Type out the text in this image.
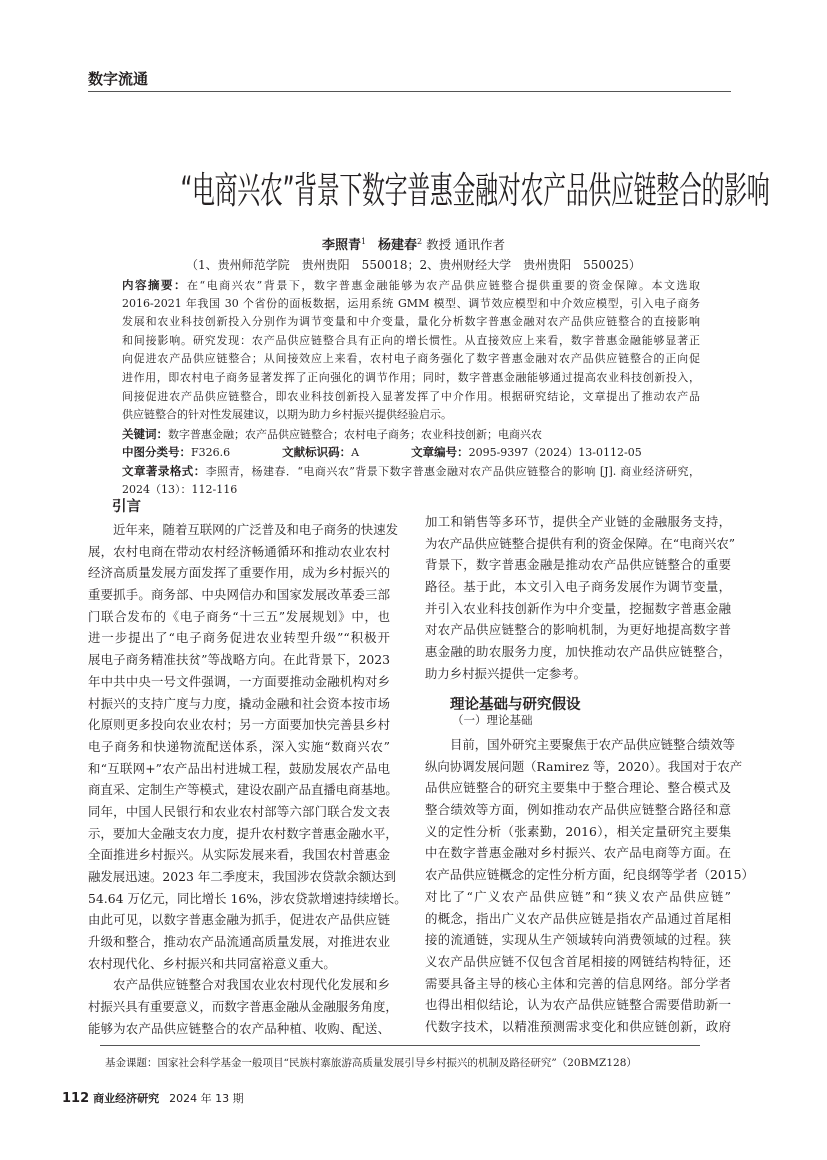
数字流通
“电商兴农”背景下数字普惠金融对农产品供应链整合的影响
李照青$^1$ 杨建春$^2$ 教授 通讯作者
（1、贵州师范学院　贵州贵阳　550018；2、贵州财经大学　贵州贵阳　550025）
内容摘要：在“电商兴农”背景下，数字普惠金融能够为农产品供应链整合提供重要的资金保障。本文选取
2016-2021 年我国 30 个省份的面板数据，运用系统 GMM 模型、调节效应模型和中介效应模型，引入电子商务
发展和农业科技创新投入分别作为调节变量和中介变量，量化分析数字普惠金融对农产品供应链整合的直接影响
和间接影响。研究发现：农产品供应链整合具有正向的增长惯性。从直接效应上来看，数字普惠金融能够显著正
向促进农产品供应链整合；从间接效应上来看，农村电子商务强化了数字普惠金融对农产品供应链整合的正向促
进作用，即农村电子商务显著发挥了正向强化的调节作用；同时，数字普惠金融能够通过提高农业科技创新投入，
间接促进农产品供应链整合，即农业科技创新投入显著发挥了中介作用。根据研究结论，文章提出了推动农产品
供应链整合的针对性发展建议，以期为助力乡村振兴提供经验启示。
关键词：数字普惠金融；农产品供应链整合；农村电子商务；农业科技创新；电商兴农
中图分类号：F326.6	文献标识码：A	文章编号：2095-9397（2024）13-0112-05
文章著录格式：李照青，杨建春．“电商兴农”背景下数字普惠金融对农产品供应链整合的影响 [J]. 商业经济研究，
2024（13）：112-116
引言
近年来，随着互联网的广泛普及和电子商务的快速发
展，农村电商在带动农村经济畅通循环和推动农业农村
经济高质量发展方面发挥了重要作用，成为乡村振兴的
重要抓手。商务部、中央网信办和国家发展改革委三部
门联合发布的《电子商务“十三五”发展规划》中，也
进一步提出了“电子商务促进农业转型升级”“积极开
展电子商务精准扶贫”等战略方向。在此背景下，2023
年中共中央一号文件强调，一方面要推动金融机构对乡
村振兴的支持广度与力度，撬动金融和社会资本按市场
化原则更多投向农业农村；另一方面要加快完善县乡村
电子商务和快递物流配送体系，深入实施“数商兴农”
和“互联网+”农产品出村进城工程，鼓励发展农产品电
商直采、定制生产等模式，建设农副产品直播电商基地。
同年，中国人民银行和农业农村部等六部门联合发文表
示，要加大金融支农力度，提升农村数字普惠金融水平，
全面推进乡村振兴。从实际发展来看，我国农村普惠金
融发展迅速。2023 年二季度末，我国涉农贷款余额达到
54.64 万亿元，同比增长 16%，涉农贷款增速持续增长。
由此可见，以数字普惠金融为抓手，促进农产品供应链
升级和整合，推动农产品流通高质量发展，对推进农业
农村现代化、乡村振兴和共同富裕意义重大。
农产品供应链整合对我国农业农村现代化发展和乡
村振兴具有重要意义，而数字普惠金融从金融服务角度，
能够为农产品供应链整合的农产品种植、收购、配送、
加工和销售等多环节，提供全产业链的金融服务支持，
为农产品供应链整合提供有利的资金保障。在“电商兴农”
背景下，数字普惠金融是推动农产品供应链整合的重要
路径。基于此，本文引入电子商务发展作为调节变量，
并引入农业科技创新作为中介变量，挖掘数字普惠金融
对农产品供应链整合的影响机制，为更好地提高数字普
惠金融的助农服务力度，加快推动农产品供应链整合，
助力乡村振兴提供一定参考。
理论基础与研究假设
（一）理论基础
目前，国外研究主要聚焦于农产品供应链整合绩效等
纵向协调发展问题（Ramirez 等，2020）。我国对于农产
品供应链整合的研究主要集中于整合理论、整合模式及
整合绩效等方面，例如推动农产品供应链整合路径和意
义的定性分析（张素勤，2016），相关定量研究主要集
中在数字普惠金融对乡村振兴、农产品电商等方面。在
农产品供应链概念的定性分析方面，纪良纲等学者（2015）
对比了“广义农产品供应链”和“狭义农产品供应链”
的概念，指出广义农产品供应链是指农产品通过首尾相
接的流通链，实现从生产领域转向消费领域的过程。狭
义农产品供应链不仅包含首尾相接的网链结构特征，还
需要具备主导的核心主体和完善的信息网络。部分学者
也得出相似结论，认为农产品供应链整合需要借助新一
代数字技术，以精准预测需求变化和供应链创新，政府
基金课题：国家社会科学基金一般项目“民族村寨旅游高质量发展引导乡村振兴的机制及路径研究”（20BMZ128）
112 商业经济研究 2024 年 13 期
